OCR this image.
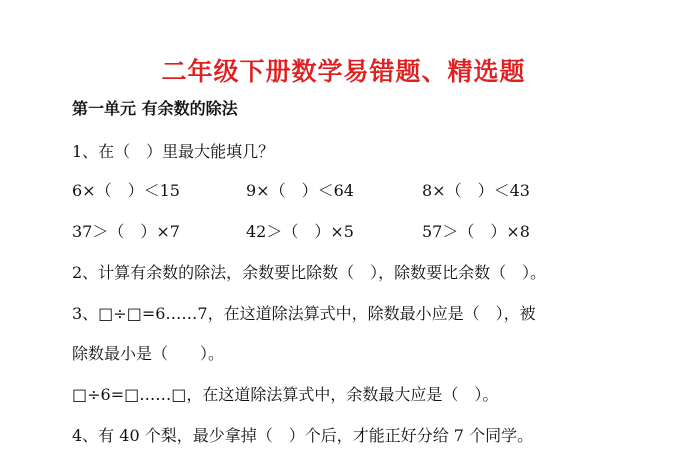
二年级下册数学易错题、精选题
第一单元 有余数的除法
1、在（　）里最大能填几？
6×（　）＜15	9×（　）＜64	8×（　）＜43
37＞（　）×7	42＞（　）×5	57＞（　）×8
2、计算有余数的除法，余数要比除数（　），除数要比余数（　）。
3、□÷□=6……7，在这道除法算式中，除数最小应是（　），被
除数最小是（　　）。
□÷6=□……□，在这道除法算式中，余数最大应是（　）。
4、有 40 个梨，最少拿掉（　）个后，才能正好分给 7 个同学。
